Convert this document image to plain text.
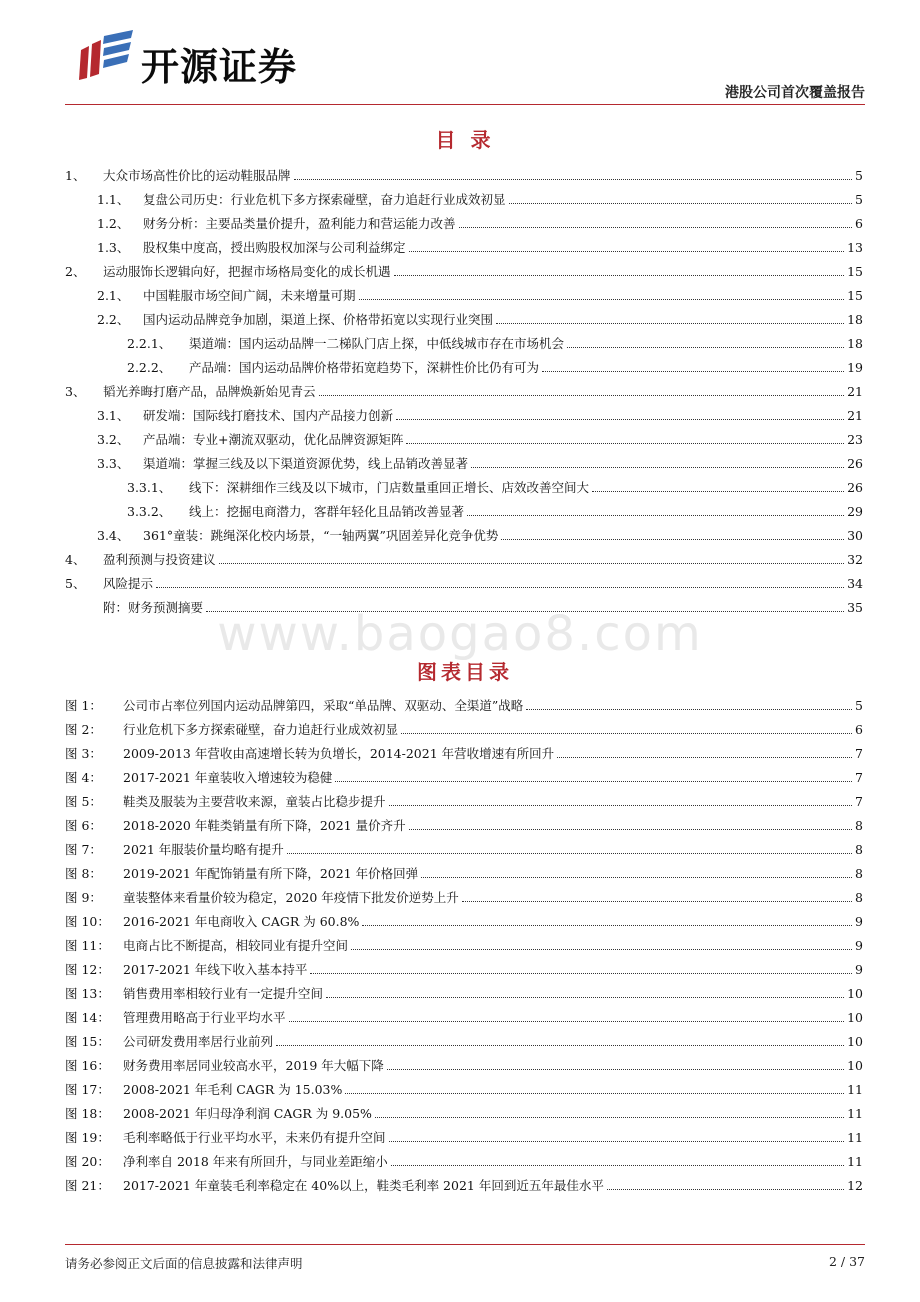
开源证券
港股公司首次覆盖报告
目 录
1、	大众市场高性价比的运动鞋服品牌	5
1.1、	复盘公司历史：行业危机下多方探索碰壁，奋力追赶行业成效初显	5
1.2、	财务分析：主要品类量价提升，盈利能力和营运能力改善	6
1.3、	股权集中度高，授出购股权加深与公司利益绑定	13
2、	运动服饰长逻辑向好，把握市场格局变化的成长机遇	15
2.1、	中国鞋服市场空间广阔，未来增量可期	15
2.2、	国内运动品牌竞争加剧，渠道上探、价格带拓宽以实现行业突围	18
2.2.1、	渠道端：国内运动品牌一二梯队门店上探，中低线城市存在市场机会	18
2.2.2、	产品端：国内运动品牌价格带拓宽趋势下，深耕性价比仍有可为	19
3、	韬光养晦打磨产品，品牌焕新始见青云	21
3.1、	研发端：国际线打磨技术、国内产品接力创新	21
3.2、	产品端：专业+潮流双驱动，优化品牌资源矩阵	23
3.3、	渠道端：掌握三线及以下渠道资源优势，线上品销改善显著	26
3.3.1、	线下：深耕细作三线及以下城市，门店数量重回正增长、店效改善空间大	26
3.3.2、	线上：挖掘电商潜力，客群年轻化且品销改善显著	29
3.4、	361°童装：跳绳深化校内场景，“一轴两翼”巩固差异化竞争优势	30
4、	盈利预测与投资建议	32
5、	风险提示	34
附：财务预测摘要	35
www.baogao8.com
图表目录
图 1：	公司市占率位列国内运动品牌第四，采取“单品牌、双驱动、全渠道”战略	5
图 2：	行业危机下多方探索碰壁，奋力追赶行业成效初显	6
图 3：	2009-2013 年营收由高速增长转为负增长，2014-2021 年营收增速有所回升	7
图 4：	2017-2021 年童装收入增速较为稳健	7
图 5：	鞋类及服装为主要营收来源，童装占比稳步提升	7
图 6：	2018-2020 年鞋类销量有所下降，2021 量价齐升	8
图 7：	2021 年服装价量均略有提升	8
图 8：	2019-2021 年配饰销量有所下降，2021 年价格回弹	8
图 9：	童装整体来看量价较为稳定，2020 年疫情下批发价逆势上升	8
图 10：	2016-2021 年电商收入 CAGR 为 60.8%	9
图 11：	电商占比不断提高，相较同业有提升空间	9
图 12：	2017-2021 年线下收入基本持平	9
图 13：	销售费用率相较行业有一定提升空间	10
图 14：	管理费用略高于行业平均水平	10
图 15：	公司研发费用率居行业前列	10
图 16：	财务费用率居同业较高水平，2019 年大幅下降	10
图 17：	2008-2021 年毛利 CAGR 为 15.03%	11
图 18：	2008-2021 年归母净利润 CAGR 为 9.05%	11
图 19：	毛利率略低于行业平均水平，未来仍有提升空间	11
图 20：	净利率自 2018 年来有所回升，与同业差距缩小	11
图 21：	2017-2021 年童装毛利率稳定在 40%以上，鞋类毛利率 2021 年回到近五年最佳水平	12
请务必参阅正文后面的信息披露和法律声明	2 / 37
